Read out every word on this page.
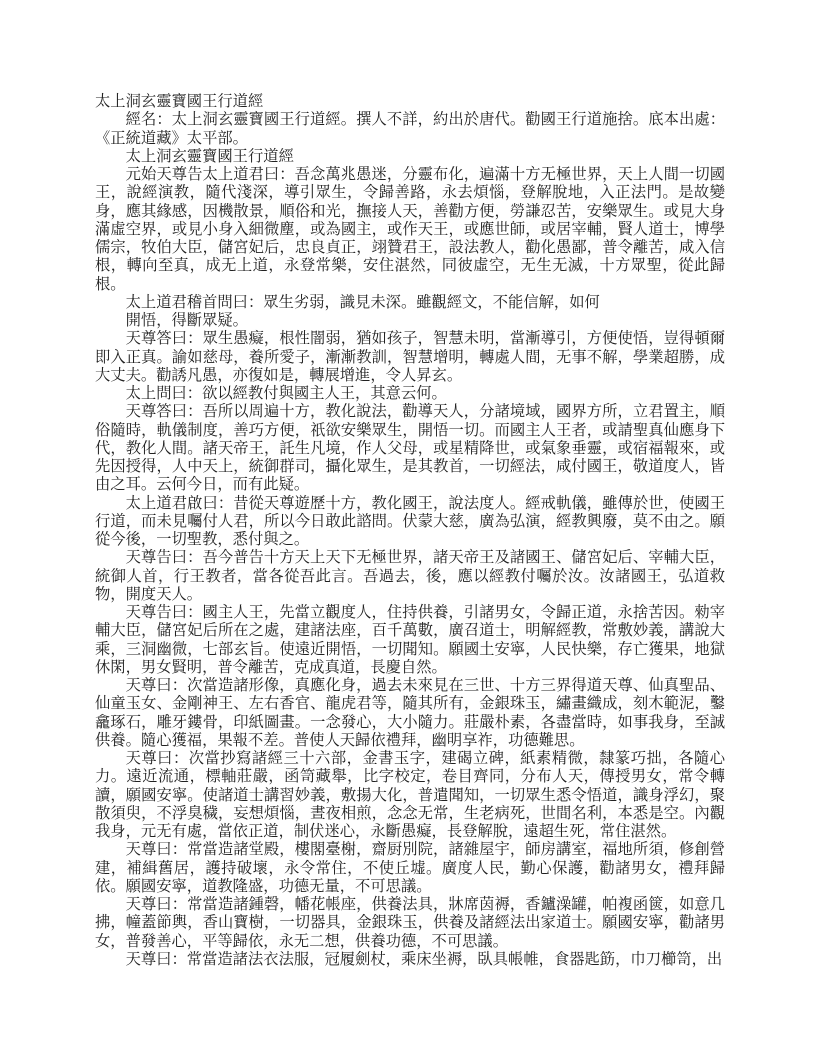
太上洞玄靈寶國王行道經

經名：太上洞玄靈寶國王行道經。撰人不詳，約出於唐代。勸國王行道施捨。底本出處：《正統道藏》太平部。

太上洞玄靈寶國王行道經

元始天尊告太上道君曰：吾念萬兆愚迷，分靈布化，遍滿十方无極世界，天上人間一切國王，說經演教，隨代淺深，導引眾生，令歸善路，永去煩惱，登解脫地，入正法門。是故變身，應其緣感，因機散景，順俗和光，撫接人天，善勸方便，勞謙忍苦，安樂眾生。或見大身滿虛空界，或見小身入細微塵，或為國主，或作天王，或應世師，或居宰輔，賢人道士，博學儒宗，牧伯大臣，儲宮妃后，忠良貞正，翊贊君王，設法教人，勸化愚鄙，普令離苦，咸入信根，轉向至真，成无上道，永登常樂，安住湛然，同彼虛空，无生无滅，十方眾聖，從此歸根。

太上道君稽首問曰：眾生劣弱，識見未深。雖觀經文，不能信解，如何

開悟，得斷眾疑。

天尊答曰：眾生愚癡，根性闇弱，猶如孩子，智慧未明，當漸導引，方便使悟，豈得頓爾即入正真。諭如慈母，養所愛子，漸漸教訓，智慧增明，轉處人間，无事不解，學業超勝，成大丈夫。勸誘凡愚，亦復如是，轉展增進，令人昇玄。

太上問曰：欲以經教付與國主人王，其意云何。

天尊答曰：吾所以周遍十方，教化說法，勸導天人，分諸境域，國界方所，立君置主，順俗隨時，軌儀制度，善巧方便，祇欲安樂眾生，開悟一切。而國主人王者，或請聖真仙應身下代，教化人間。諸天帝王，託生凡境，作人父母，或星精降世，或氣象垂靈，或宿福報來，或先因授得，人中天上，統御群司，攝化眾生，是其教首，一切經法，咸付國王，敬道度人，皆由之耳。云何今日，而有此疑。

太上道君啟曰：昔從天尊遊歷十方，教化國王，說法度人。經戒軌儀，雖傳於世，使國王行道，而未見囑付人君，所以今日敢此諮問。伏蒙大慈，廣為弘演，經教興廢，莫不由之。願從今後，一切聖教，悉付與之。

天尊告曰：吾今普告十方天上天下无極世界，諸天帝王及諸國王、儲宮妃后、宰輔大臣，統御人首，行王教者，當各從吾此言。吾過去，後，應以經教付囑於汝。汝諸國王，弘道救物，開度天人。

天尊告曰：國主人王，先當立觀度人，住持供養，引諸男女，令歸正道，永捨苦因。勑宰輔大臣，儲宮妃后所在之處，建諸法座，百千萬數，廣召道士，明解經教，常敷妙義，講說大乘，三洞幽微，七部玄旨。使遠近開悟，一切聞知。願國土安寧，人民快樂，存亡獲果，地獄休閑，男女賢明，普令離苦，克成真道，長慶自然。

天尊曰：次當造諸形像，真應化身，過去未來見在三世、十方三界得道天尊、仙真聖品、仙童玉女、金剛神王、左右香官、龍虎君等，隨其所有，金銀珠玉，繡畫織成，刻木範泥，鑿龕琢石，雕牙鏤骨，印紙圖畫。一念發心，大小隨力。莊嚴朴素，各盡當時，如事我身，至誠供養。隨心獲福，果報不差。普使人天歸依禮拜，幽明享祚，功德難思。

天尊曰：次當抄寫諸經三十六部，金書玉字，建碣立碑，紙素精微，隸篆巧拙，各隨心力。遠近流通，標軸莊嚴，函笥藏舉，比字校定，卷目齊同，分布人天，傳授男女，常令轉讀，願國安寧。使諸道士講習妙義，敷揚大化，普遣聞知，一切眾生悉令悟道，識身浮幻，聚散須臾，不浮臭穢，妄想煩惱，晝夜相煎，念念无常，生老病死，世間名利，本悉是空。內觀我身，元无有處，當依正道，制伏迷心，永斷愚癡，長登解脫，遠超生死，常住湛然。

天尊曰：常當造諸堂殿，樓閣臺榭，齋厨別院，諸雜屋宇，師房講室，福地所須，修創營建，補緝舊居，護持破壞，永令常住，不使丘墟。廣度人民，勤心保護，勸諸男女，禮拜歸依。願國安寧，道教隆盛，功德无量，不可思議。

天尊曰：常當造諸鍾磬，幡花帳座，供養法具，牀席茵褥，香鑪澡罐，帕複函篋，如意几拂，幢蓋節輿，香山寶樹，一切器具，金銀珠玉，供養及諸經法出家道士。願國安寧，勸諸男女，普發善心，平等歸依，永无二想，供養功德，不可思議。

天尊曰：常當造諸法衣法服，冠履劍杖，乘床坐褥，臥具帳帷，食器匙筯，巾刀櫛笥，出
